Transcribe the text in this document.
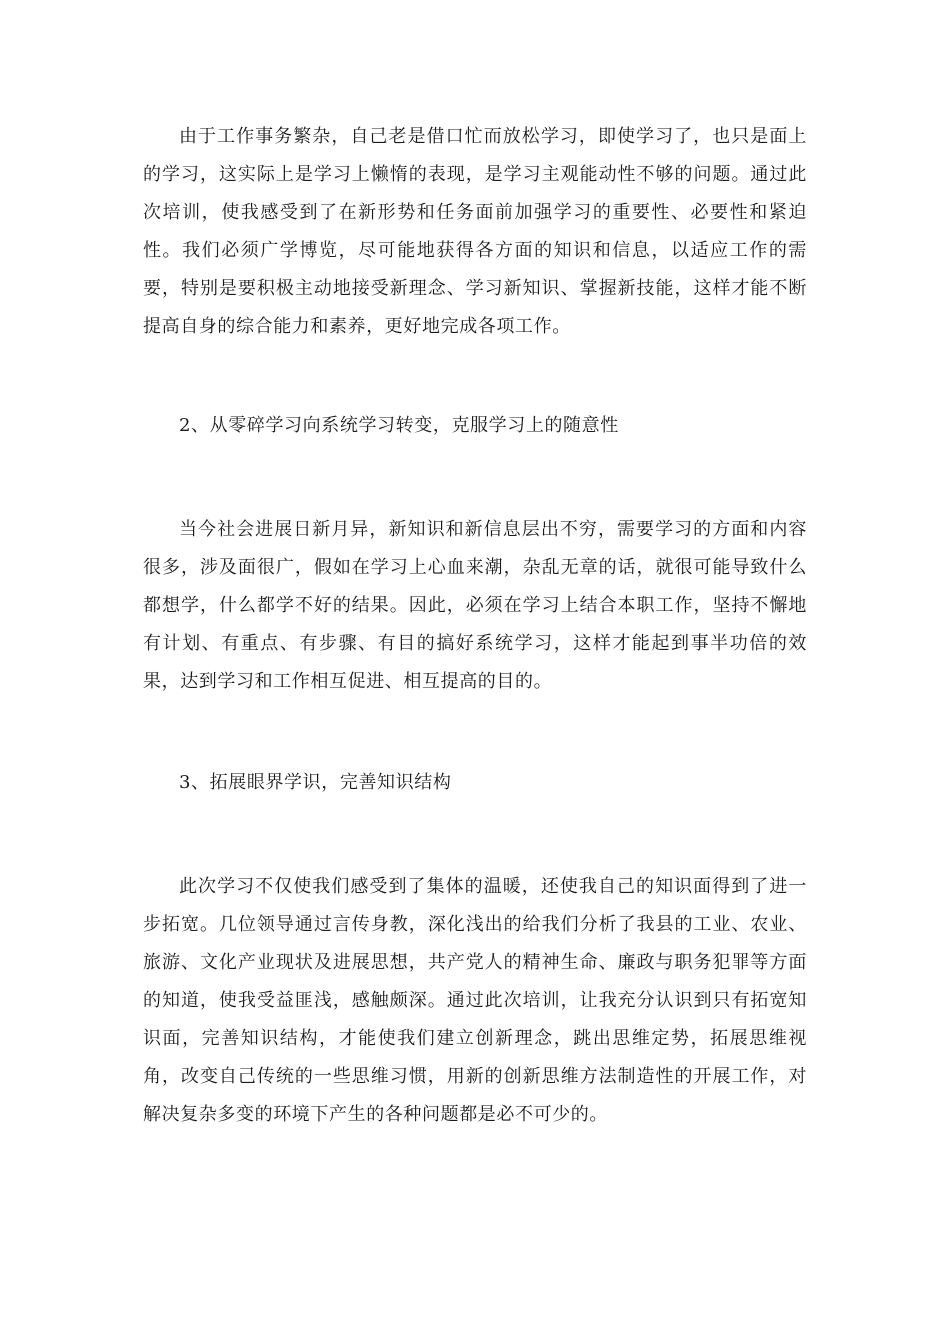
由于工作事务繁杂，自己老是借口忙而放松学习，即使学习了，也只是面上的学习，这实际上是学习上懒惰的表现，是学习主观能动性不够的问题。通过此次培训，使我感受到了在新形势和任务面前加强学习的重要性、必要性和紧迫性。我们必须广学博览，尽可能地获得各方面的知识和信息，以适应工作的需要，特别是要积极主动地接受新理念、学习新知识、掌握新技能，这样才能不断提高自身的综合能力和素养，更好地完成各项工作。

2、从零碎学习向系统学习转变，克服学习上的随意性

当今社会进展日新月异，新知识和新信息层出不穷，需要学习的方面和内容很多，涉及面很广，假如在学习上心血来潮，杂乱无章的话，就很可能导致什么都想学，什么都学不好的结果。因此，必须在学习上结合本职工作，坚持不懈地有计划、有重点、有步骤、有目的搞好系统学习，这样才能起到事半功倍的效果，达到学习和工作相互促进、相互提高的目的。

3、拓展眼界学识，完善知识结构

此次学习不仅使我们感受到了集体的温暖，还使我自己的知识面得到了进一步拓宽。几位领导通过言传身教，深化浅出的给我们分析了我县的工业、农业、旅游、文化产业现状及进展思想，共产党人的精神生命、廉政与职务犯罪等方面的知道，使我受益匪浅，感触颇深。通过此次培训，让我充分认识到只有拓宽知识面，完善知识结构，才能使我们建立创新理念，跳出思维定势，拓展思维视角，改变自己传统的一些思维习惯，用新的创新思维方法制造性的开展工作，对解决复杂多变的环境下产生的各种问题都是必不可少的。
